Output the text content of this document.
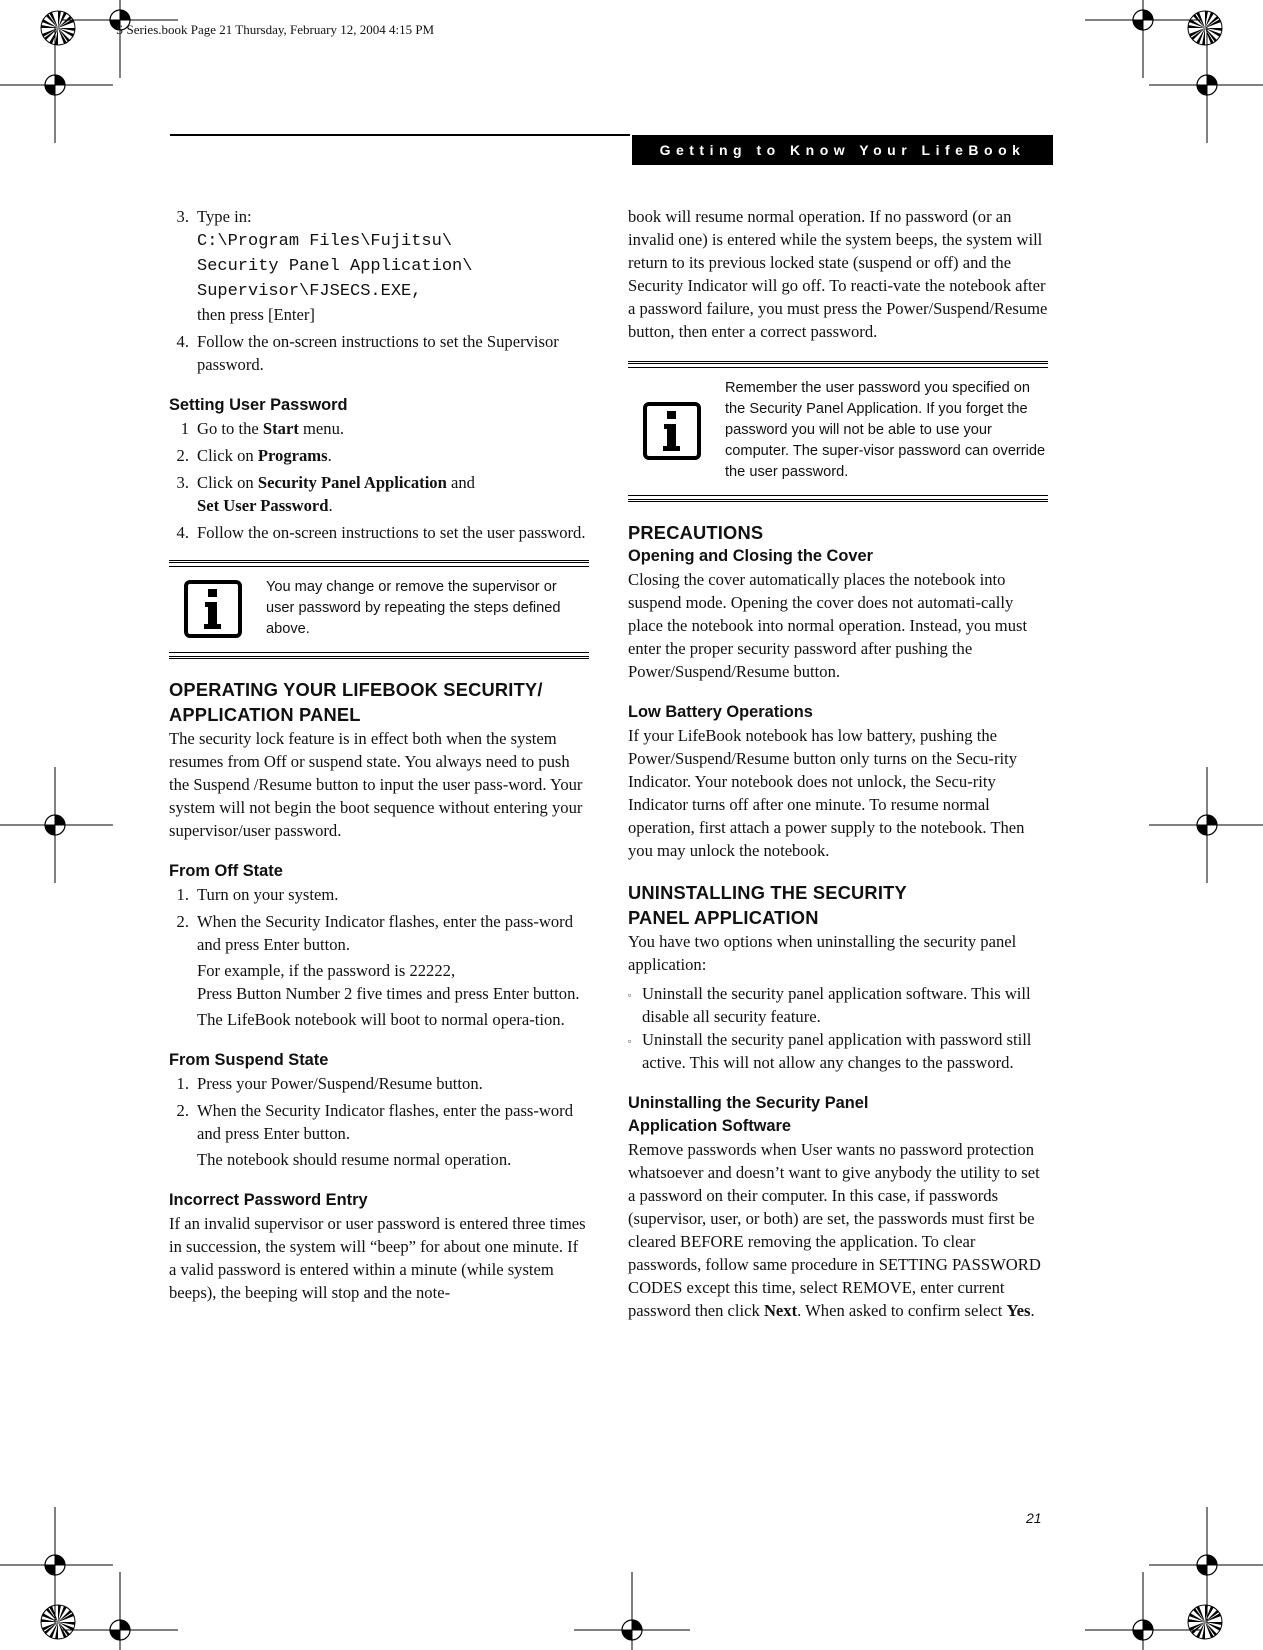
S Series.book Page 21 Thursday, February 12, 2004 4:15 PM
Getting to Know Your LifeBook
3. Type in:
C:\Program Files\Fujitsu\
Security Panel Application\
Supervisor\FJSECS.EXE,
then press [Enter]
4. Follow the on-screen instructions to set the Supervisor password.
Setting User Password
1 Go to the Start menu.
2. Click on Programs.
3. Click on Security Panel Application and
Set User Password.
4. Follow the on-screen instructions to set the user password.
You may change or remove the supervisor or user password by repeating the steps defined above.
OPERATING YOUR LIFEBOOK SECURITY/ APPLICATION PANEL

The security lock feature is in effect both when the system resumes from Off or suspend state. You always need to push the Suspend /Resume button to input the user pass-word. Your system will not begin the boot sequence without entering your supervisor/user password.

From Off State
1. Turn on your system.
2. When the Security Indicator flashes, enter the pass-word and press Enter button.
For example, if the password is 22222,
Press Button Number 2 five times and press Enter button.
The LifeBook notebook will boot to normal opera-tion.
From Suspend State
1. Press your Power/Suspend/Resume button.
2. When the Security Indicator flashes, enter the pass-word and press Enter button.
The notebook should resume normal operation.
Incorrect Password Entry

If an invalid supervisor or user password is entered three times in succession, the system will “beep” for about one minute. If a valid password is entered within a minute (while system beeps), the beeping will stop and the note-

book will resume normal operation. If no password (or an invalid one) is entered while the system beeps, the system will return to its previous locked state (suspend or off) and the Security Indicator will go off. To reacti-vate the notebook after a password failure, you must press the Power/Suspend/Resume button, then enter a correct password.

Remember the user password you specified on the Security Panel Application. If you forget the password you will not be able to use your computer. The super-visor password can override the user password.
PRECAUTIONS
Opening and Closing the Cover

Closing the cover automatically places the notebook into suspend mode. Opening the cover does not automati-cally place the notebook into normal operation. Instead, you must enter the proper security password after pushing the Power/Suspend/Resume button.

Low Battery Operations

If your LifeBook notebook has low battery, pushing the Power/Suspend/Resume button only turns on the Secu-rity Indicator. Your notebook does not unlock, the Secu-rity Indicator turns off after one minute. To resume normal operation, first attach a power supply to the notebook. Then you may unlock the notebook.

UNINSTALLING THE SECURITY
PANEL APPLICATION

You have two options when uninstalling the security panel application:

▫ Uninstall the security panel application software. This will disable all security feature.
▫ Uninstall the security panel application with password still active. This will not allow any changes to the password.
Uninstalling the Security Panel
Application Software

Remove passwords when User wants no password protection whatsoever and doesn’t want to give anybody the utility to set a password on their computer. In this case, if passwords (supervisor, user, or both) are set, the passwords must first be cleared BEFORE removing the application. To clear passwords, follow same procedure in SETTING PASSWORD CODES except this time, select REMOVE, enter current password then click Next. When asked to confirm select Yes.

21
